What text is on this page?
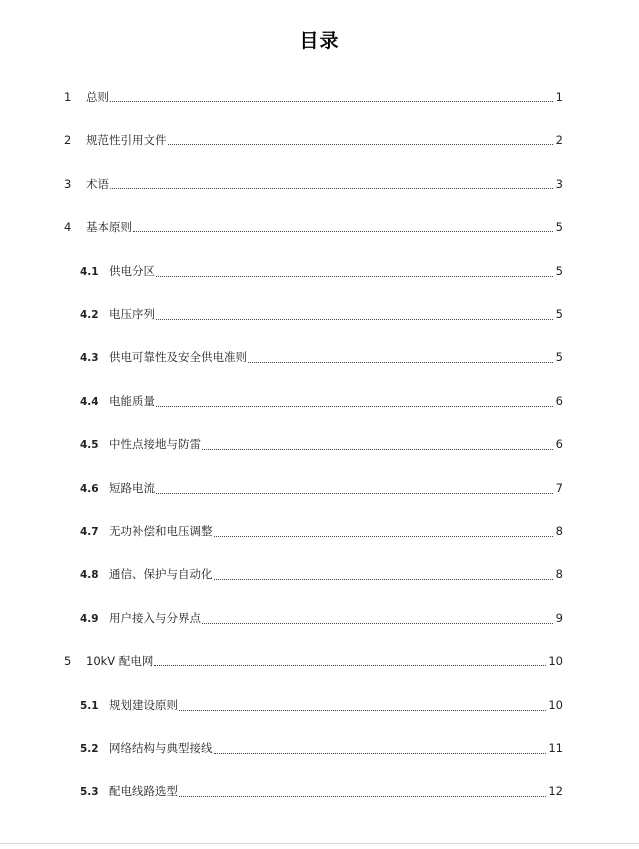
目录
1	总则	1
2	规范性引用文件	2
3	术语	3
4	基本原则	5
4.1 供电分区	5
4.2 电压序列	5
4.3 供电可靠性及安全供电准则	5
4.4 电能质量	6
4.5 中性点接地与防雷	6
4.6 短路电流	7
4.7 无功补偿和电压调整	8
4.8 通信、保护与自动化	8
4.9 用户接入与分界点	9
5	10kV 配电网	10
5.1 规划建设原则	10
5.2 网络结构与典型接线	11
5.3 配电线路选型	12
